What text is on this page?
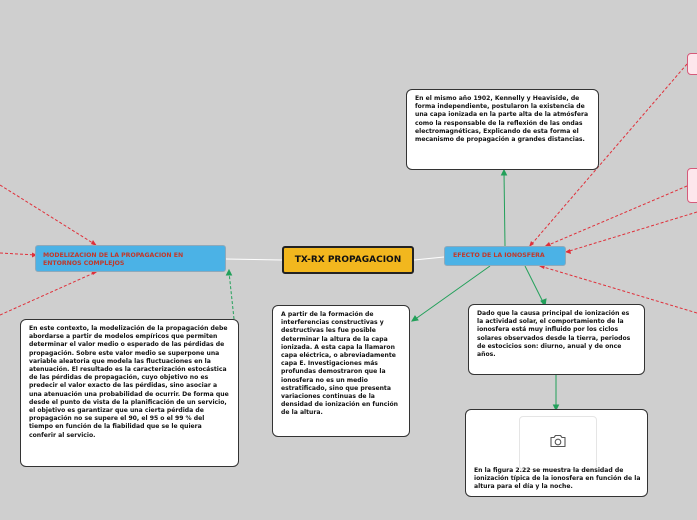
TX-RX PROPAGACION
MODELIZACION DE LA PROPAGACION EN ENTORNOS COMPLEJOS
EFECTO DE LA IONOSFERA
En el mismo año 1902, Kennelly y Heaviside, de forma independiente, postularon la existencia de una capa ionizada en la parte alta de la atmósfera como la responsable de la reflexión de las ondas electromagnéticas, Explicando de esta forma el mecanismo de propagación a grandes distancias.
En este contexto, la modelización de la propagación debe abordarse a partir de modelos empíricos que permiten determinar el valor medio o esperado de las pérdidas de propagación. Sobre este valor medio se superpone una variable aleatoria que modela las fluctuaciones en la atenuación. El resultado es la caracterización estocástica de las pérdidas de propagación, cuyo objetivo no es predecir el valor exacto de las pérdidas, sino asociar a una atenuación una probabilidad de ocurrir. De forma que desde el punto de vista de la planificación de un servicio, el objetivo es garantizar que una cierta pérdida de propagación no se supere el 90, el 95 o el 99 % del tiempo en función de la fiabilidad que se le quiera conferir al servicio.
A partir de la formación de interferencias constructivas y destructivas les fue posible determinar la altura de la capa ionizada. A esta capa la llamaron capa eléctrica, o abreviadamente capa E. Investigaciones más profundas demostraron que la ionosfera no es un medio estratificado, sino que presenta variaciones continuas de la densidad de ionización en función de la altura.
Dado que la causa principal de ionización es la actividad solar, el comportamiento de la ionosfera está muy influido por los ciclos solares observados desde la tierra, periodos de estocicios son: diurno, anual y de once años.
En la figura 2.22 se muestra la densidad de ionización típica de la ionosfera en función de la altura para el día y la noche.
